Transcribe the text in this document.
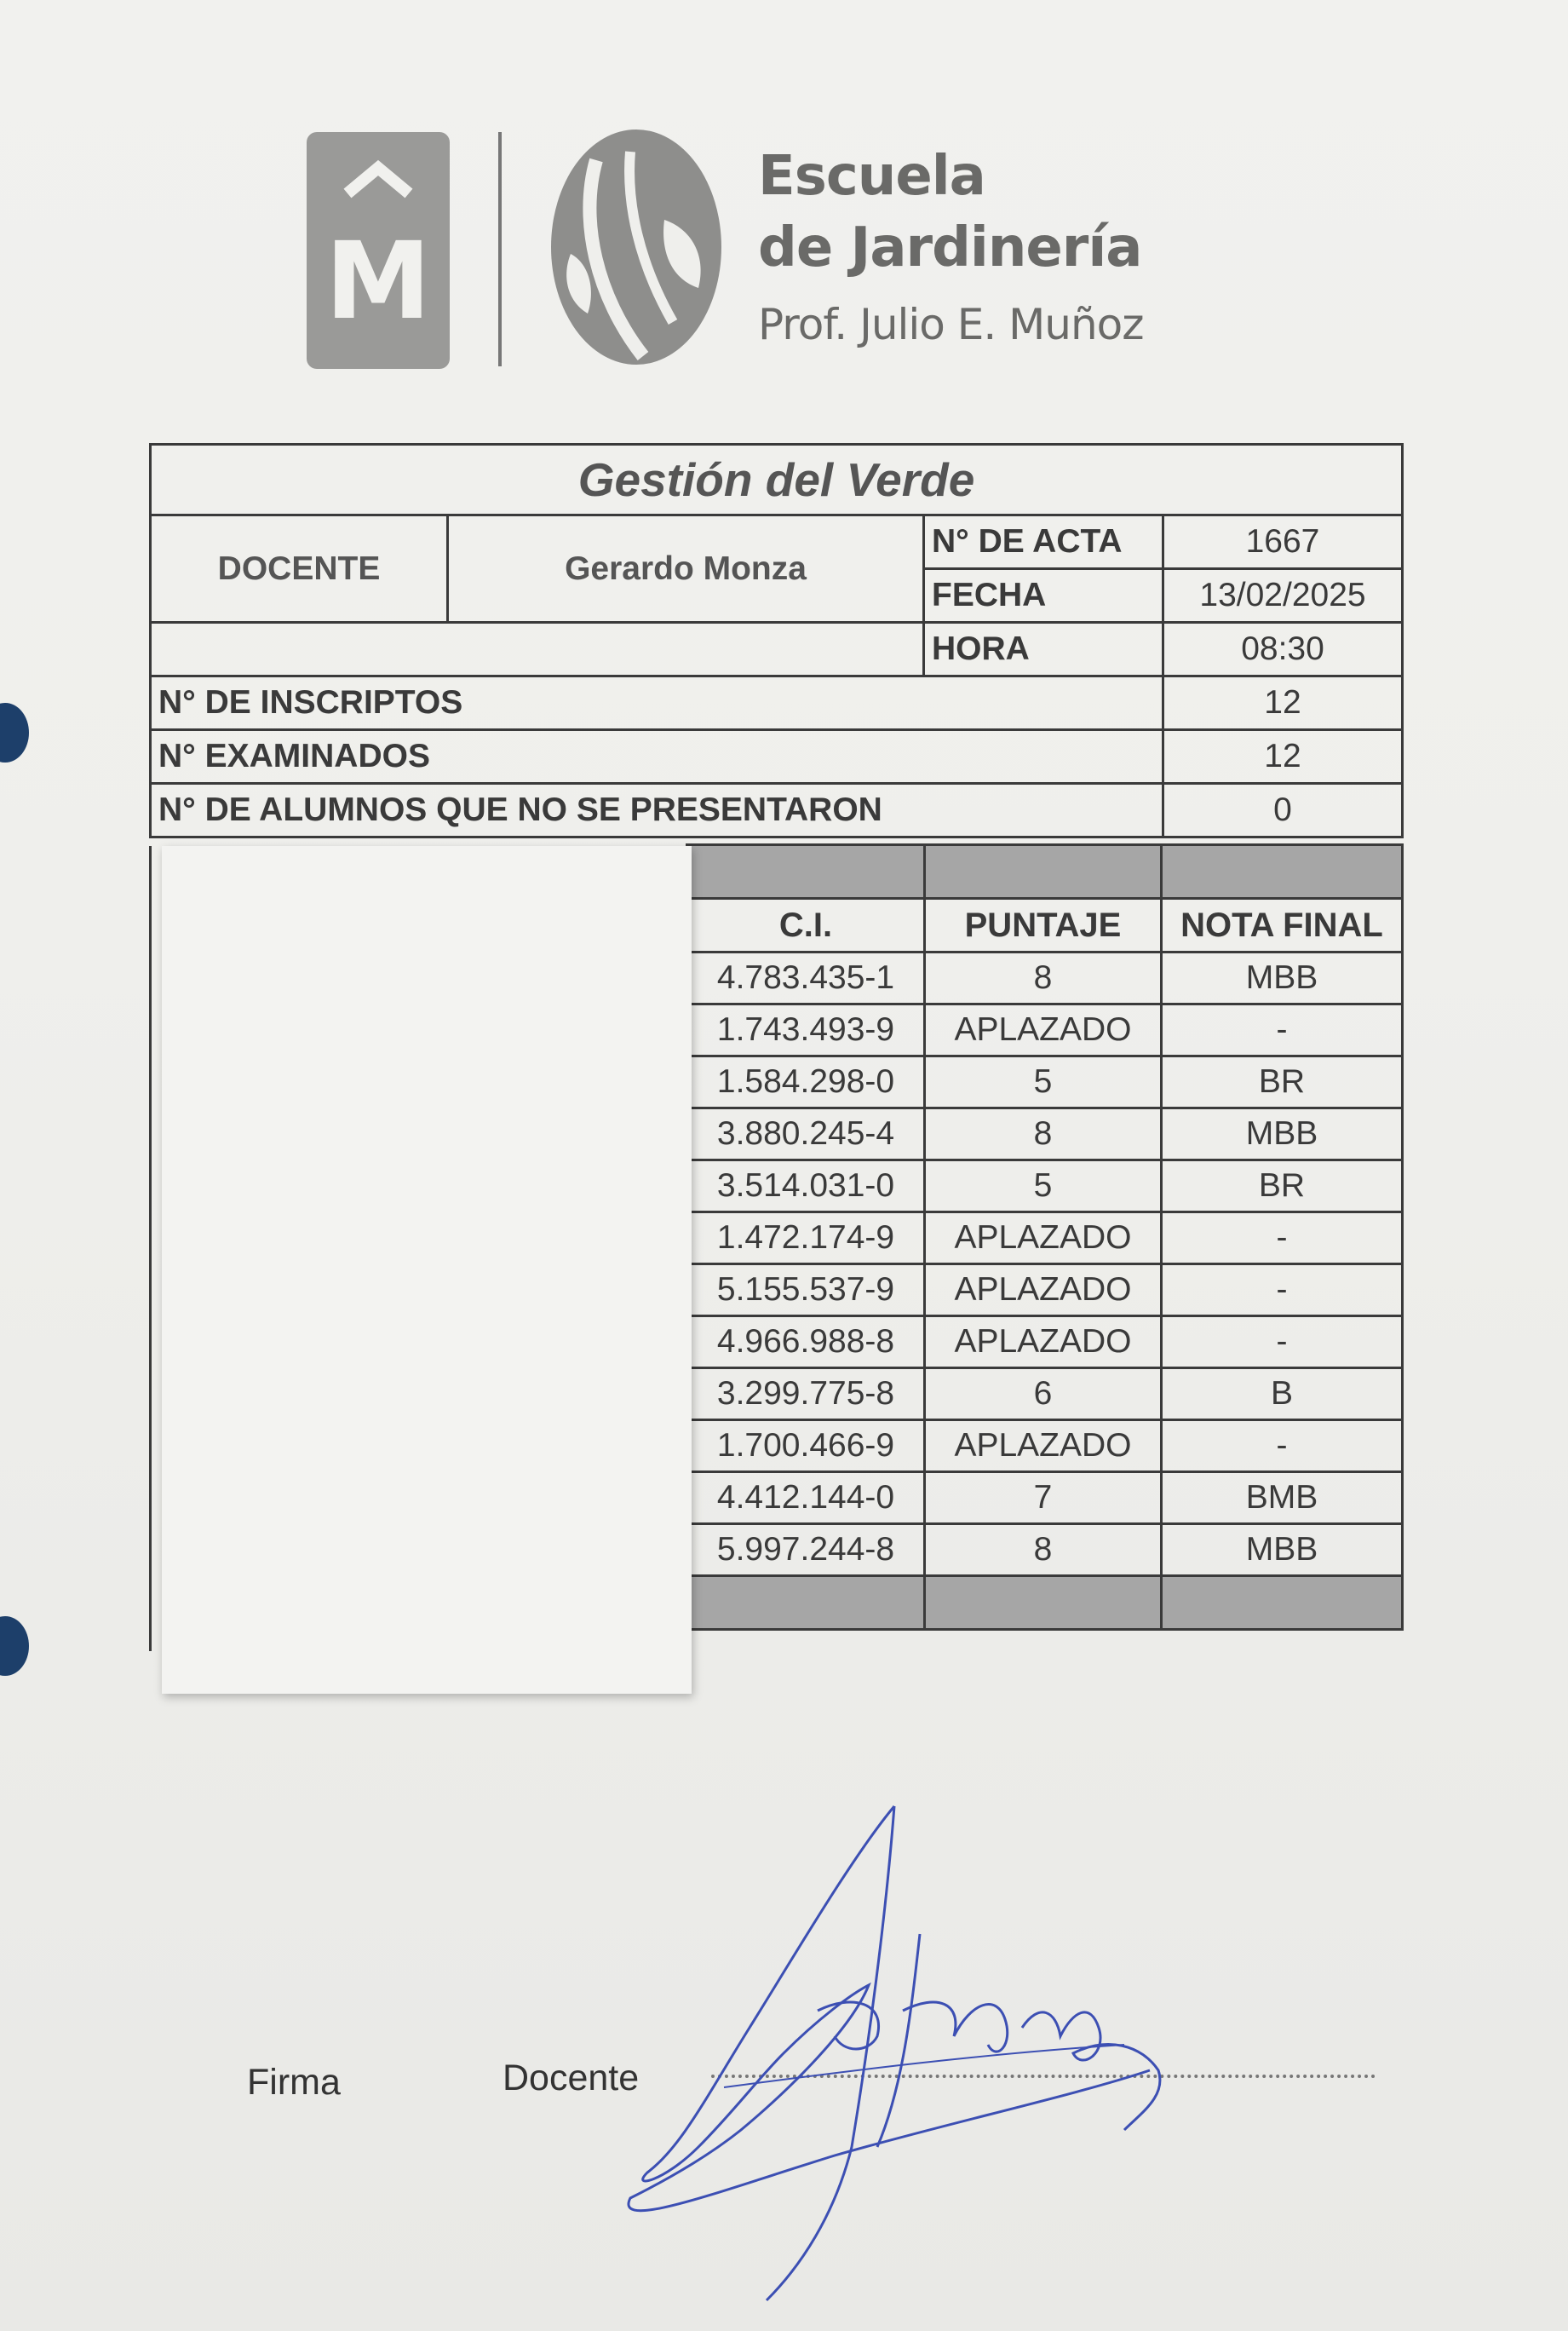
M
Escuela
de Jardinería
Prof. Julio E. Muñoz
Gestión del Verde			
DOCENTE	Gerardo Monza	N° DE ACTA	1667
		FECHA	13/02/2025
		HORA	08:30
N° DE INSCRIPTOS			12
N° EXAMINADOS			12
N° DE ALUMNOS QUE NO SE PRESENTARON			0

C.I.	PUNTAJE	NOTA FINAL
4.783.435-1	8	MBB
1.743.493-9	APLAZADO	-
1.584.298-0	5	BR
3.880.245-4	8	MBB
3.514.031-0	5	BR
1.472.174-9	APLAZADO	-
5.155.537-9	APLAZADO	-
4.966.988-8	APLAZADO	-
3.299.775-8	6	B
1.700.466-9	APLAZADO	-
4.412.144-0	7	BMB
5.997.244-8	8	MBB

Firma	Docente
